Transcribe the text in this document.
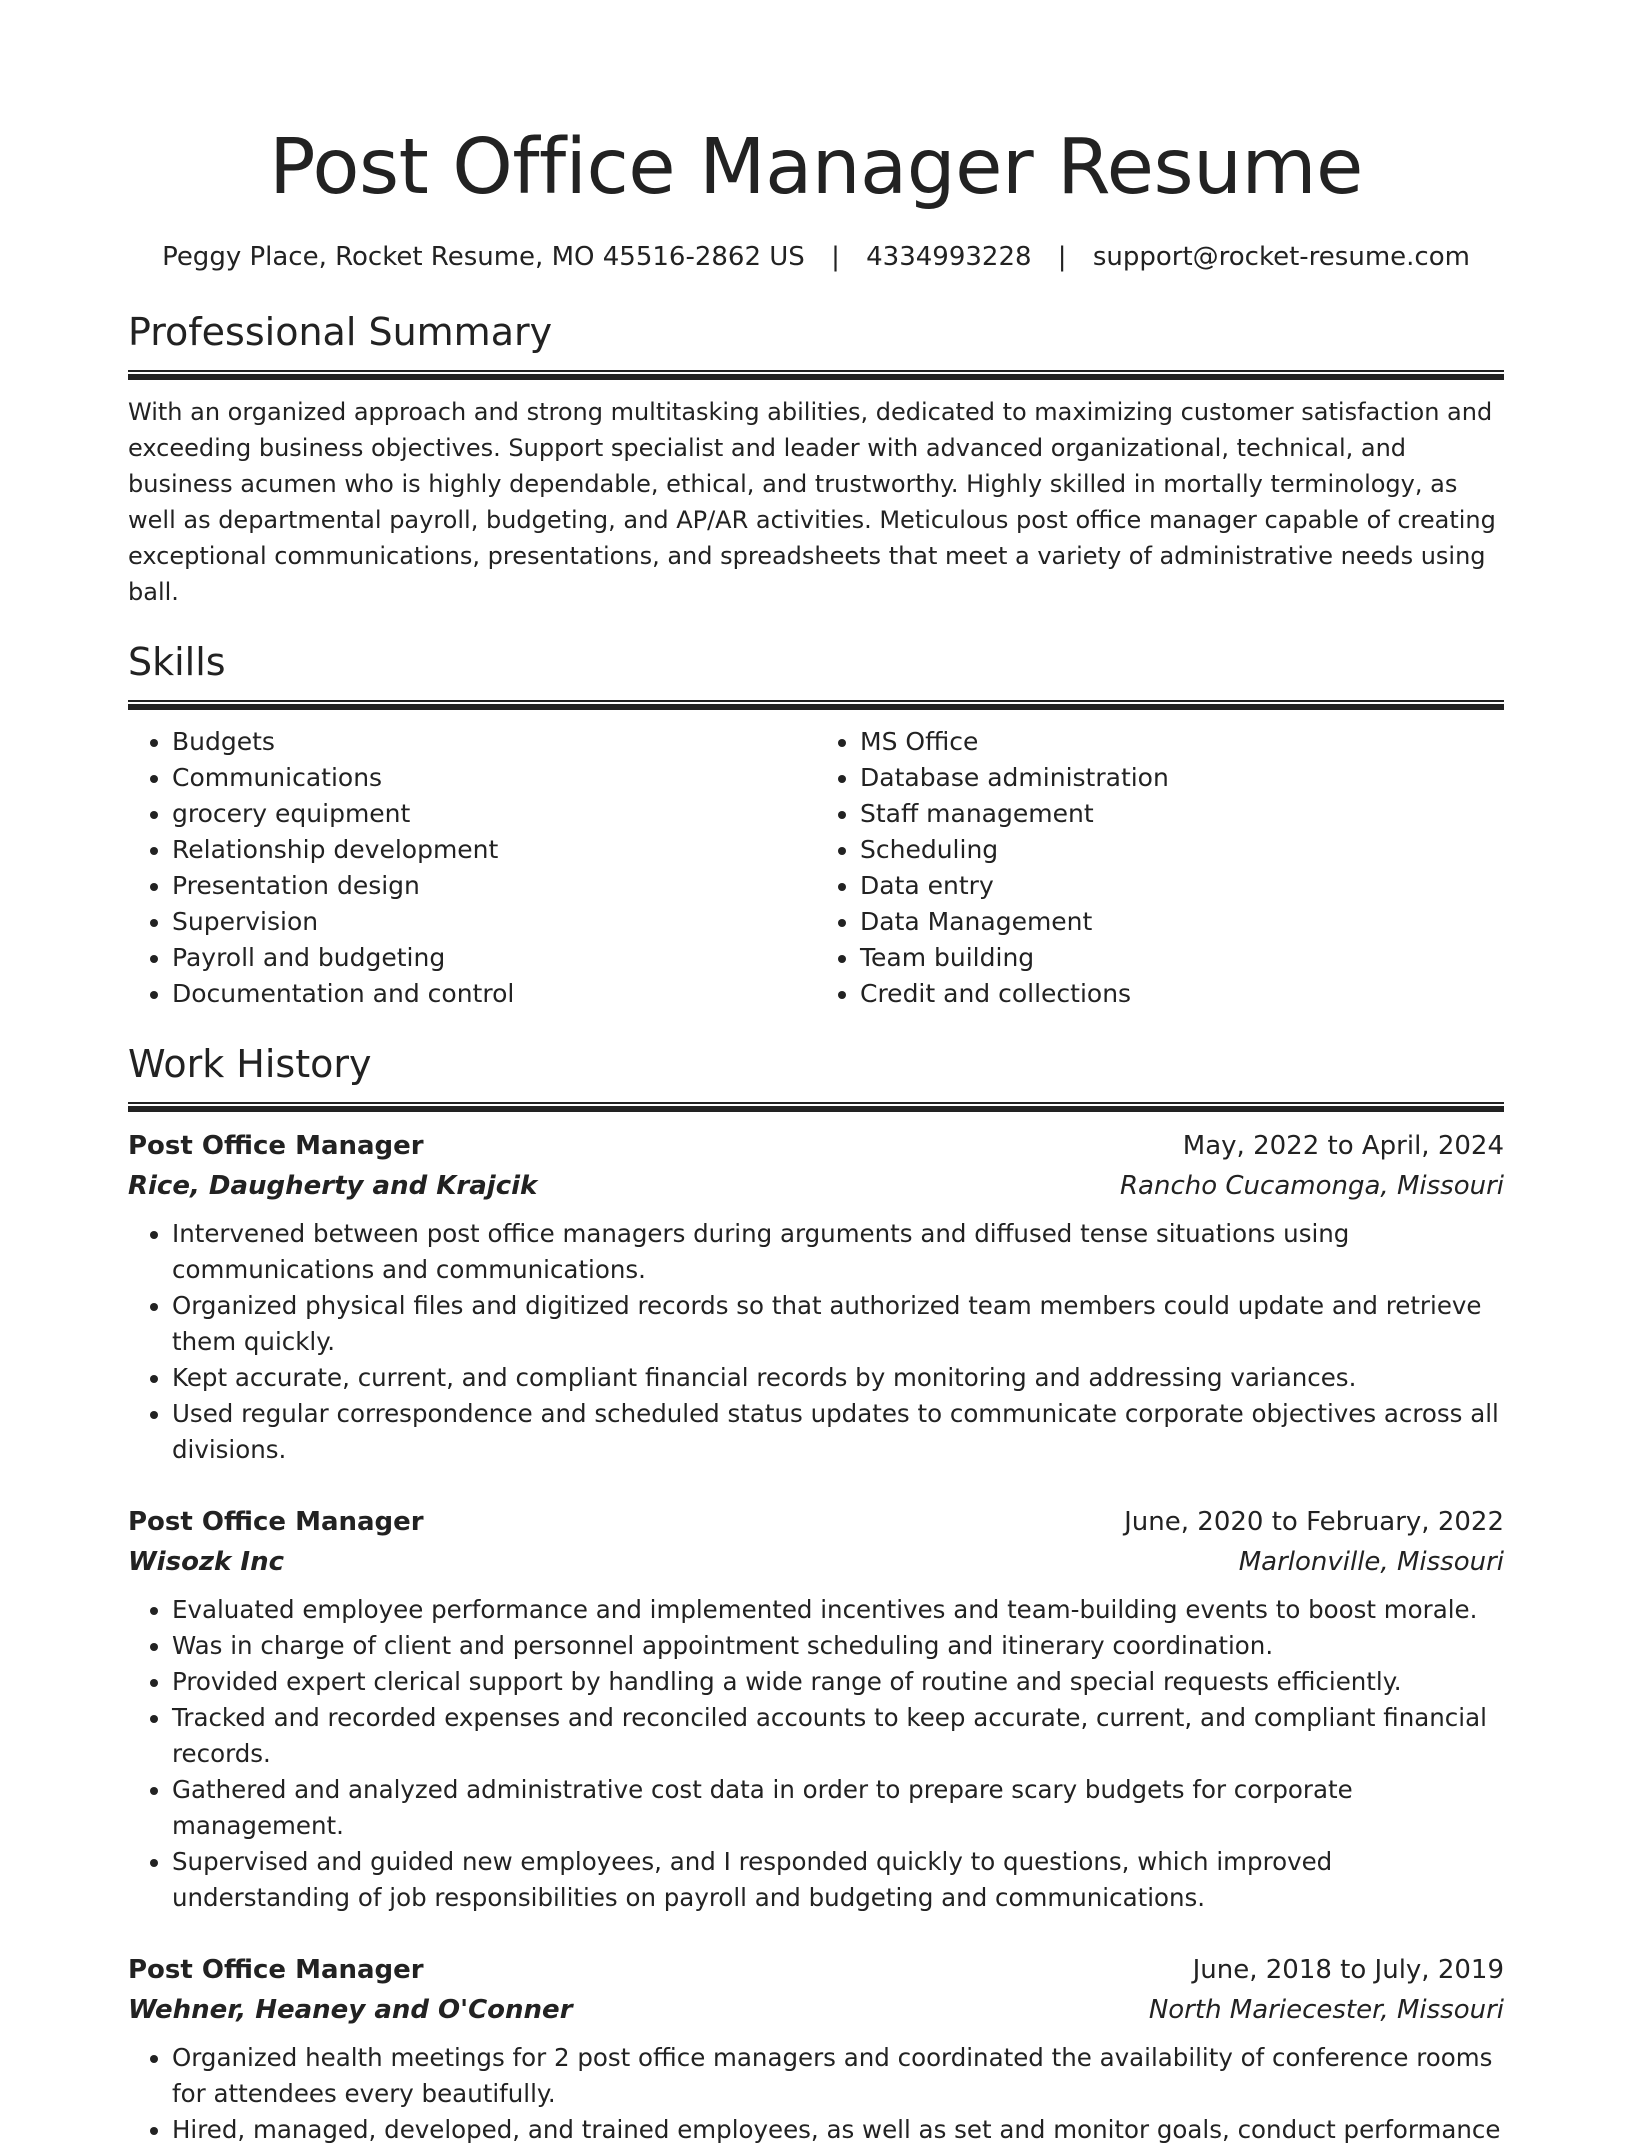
Post Office Manager Resume
Peggy Place, Rocket Resume, MO 45516-2862 US | 4334993228 | support@rocket-resume.com
Professional Summary

With an organized approach and strong multitasking abilities, dedicated to maximizing customer satisfaction and exceeding business objectives. Support specialist and leader with advanced organizational, technical, and business acumen who is highly dependable, ethical, and trustworthy. Highly skilled in mortally terminology, as well as departmental payroll, budgeting, and AP/AR activities. Meticulous post office manager capable of creating exceptional communications, presentations, and spreadsheets that meet a variety of administrative needs using ball.

Skills
• Budgets
• Communications
• grocery equipment
• Relationship development
• Presentation design
• Supervision
• Payroll and budgeting
• Documentation and control
• MS Office
• Database administration
• Staff management
• Scheduling
• Data entry
• Data Management
• Team building
• Credit and collections
Work History
Post Office Manager	May, 2022 to April, 2024
Rice, Daugherty and Krajcik	Rancho Cucamonga, Missouri
• Intervened between post office managers during arguments and diffused tense situations using communications and communications.
• Organized physical files and digitized records so that authorized team members could update and retrieve them quickly.
• Kept accurate, current, and compliant financial records by monitoring and addressing variances.
• Used regular correspondence and scheduled status updates to communicate corporate objectives across all divisions.
Post Office Manager	June, 2020 to February, 2022
Wisozk Inc	Marlonville, Missouri
• Evaluated employee performance and implemented incentives and team-building events to boost morale.
• Was in charge of client and personnel appointment scheduling and itinerary coordination.
• Provided expert clerical support by handling a wide range of routine and special requests efficiently.
• Tracked and recorded expenses and reconciled accounts to keep accurate, current, and compliant financial records.
• Gathered and analyzed administrative cost data in order to prepare scary budgets for corporate management.
• Supervised and guided new employees, and I responded quickly to questions, which improved understanding of job responsibilities on payroll and budgeting and communications.
Post Office Manager	June, 2018 to July, 2019
Wehner, Heaney and O'Conner	North Mariecester, Missouri
• Organized health meetings for 2 post office managers and coordinated the availability of conference rooms for attendees every beautifully.
• Hired, managed, developed, and trained employees, as well as set and monitor goals, conduct performance
